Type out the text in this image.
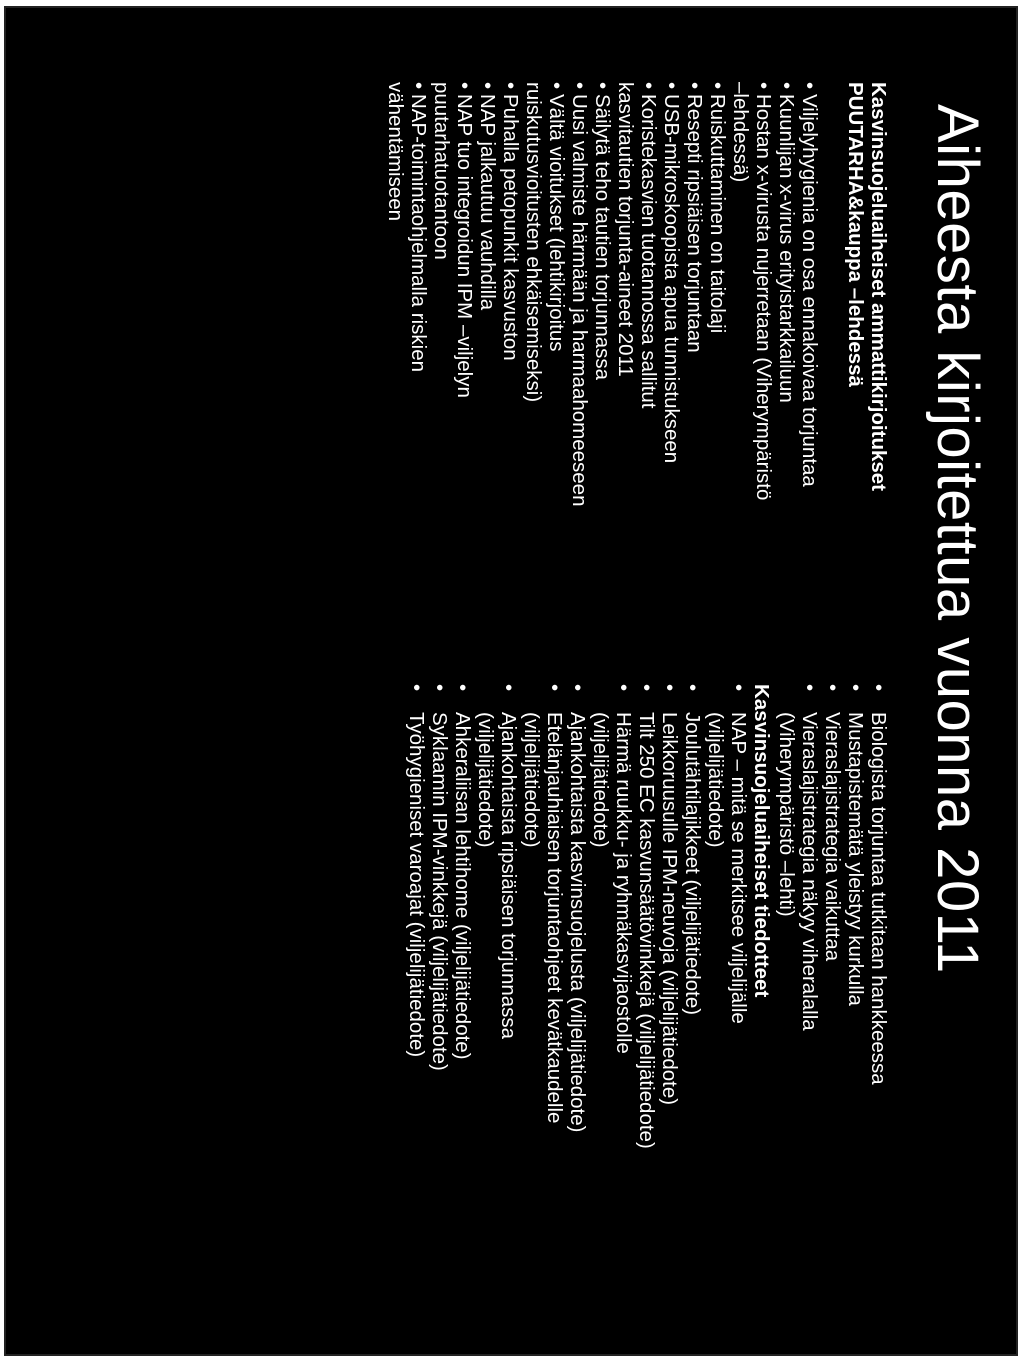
Aiheesta kirjoitettua vuonna 2011
Kasvinsuojeluaiheiset ammattikirjoitukset
PUUTARHA&kauppa –lehdessä
•Viljelyhygienia on osa ennakoivaa torjuntaa
•Kuunlijan x-virus erityistarkkailuun
•Hostan x-virusta nujerretaan (Viherympäristö
–lehdessä)
•Ruiskuttaminen on taitolaji
•Resepti ripsiäisen torjuntaan
•USB-mikroskoopista apua tunnistukseen
•Koristekasvien tuotannossa sallitut
kasvitautien torjunta-aineet 2011
•Säilytä teho tautien torjunnassa
•Uusi valmiste härmään ja harmaahomeeseen
•Vältä vioitukset (lehtikirjoitus
ruiskutusvioitusten ehkäisemiseksi)
•Puhalla petopunkit kasvuston
•NAP jalkautuu vauhdilla
•NAP tuo integroidun IPM –viljelyn
puutarhatuotantoon
•NAP-toimintaohjelmalla riskien
vähentämiseen
•
Biologista torjuntaa tutkitaan hankkeessa
•
Mustapistemätä yleistyy kurkulla
•
Vieraslajistrategia vaikuttaa
•
Vieraslajistrategia näkyy viheralalla
(Viherympäristö –lehti)
Kasvinsuojeluaiheiset tiedotteet
•
NAP – mitä se merkitsee viljelijälle
(viljelijätiedote)
•
Joulutähtilajikkeet (viljelijätiedote)
•
Leikkoruusulle IPM-neuvoja (viljelijätiedote)
•
Tilt 250 EC kasvunsäätövinkkejä (viljelijätiedote)
•
Härmä ruukku- ja ryhmäkasvijaostolle
(viljelijätiedote)
•
Ajankohtaista kasvinsuojelusta (viljelijätiedote)
•
Etelänjauhiaisen torjuntaohjeet kevätkaudelle
(viljelijätiedote)
•
Ajankohtaista ripsiäisen torjunnassa
(viljelijätiedote)
•
Ahkeraliisan lehtihome (viljelijätiedote)
•
Syklaamin IPM-vinkkejä (viljelijätiedote)
•
Työhygieniset varoajat (viljelijätiedote)
